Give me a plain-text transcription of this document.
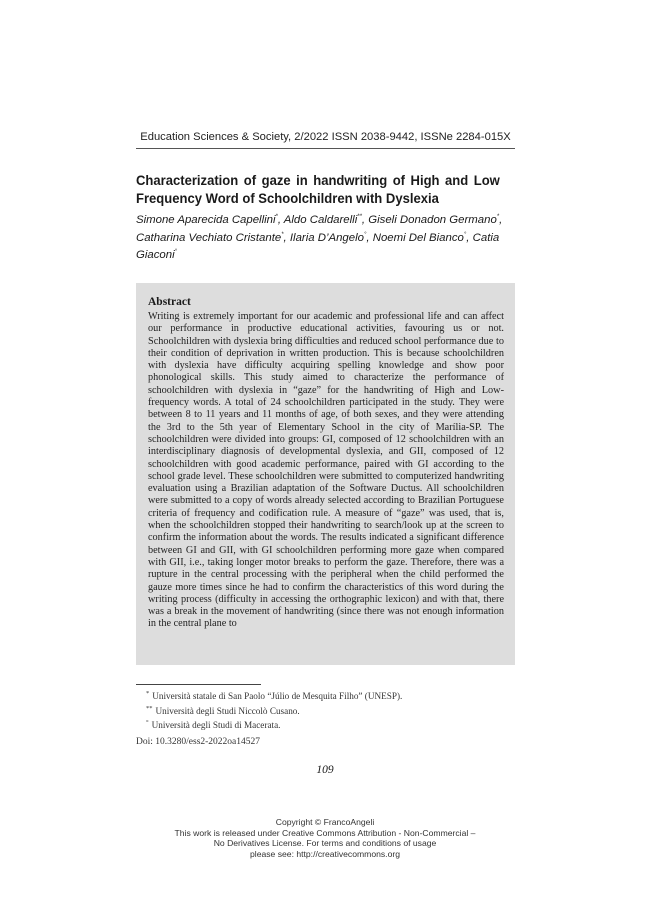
Education Sciences & Society, 2/2022 ISSN 2038-9442, ISSNe 2284-015X
Characterization of gaze in handwriting of High and Low Frequency Word of Schoolchildren with Dyslexia
Simone Aparecida Capellini*, Aldo Caldarelli**, Giseli Donadon Germano*, Catharina Vechiato Cristante*, Ilaria D’Angelo°, Noemi Del Bianco°, Catia Giaconi°
Abstract

Writing is extremely important for our academic and professional life and can affect our performance in productive educational activities, favouring us or not. Schoolchildren with dyslexia bring difficulties and reduced school performance due to their condition of deprivation in written production. This is because schoolchildren with dyslexia have difficulty acquiring spelling knowledge and show poor phonological skills. This study aimed to characterize the performance of schoolchildren with dyslexia in “gaze” for the handwriting of High and Low-frequency words. A total of 24 schoolchildren participated in the study. They were between 8 to 11 years and 11 months of age, of both sexes, and they were attending the 3rd to the 5th year of Elementary School in the city of Marília-SP. The schoolchildren were divided into groups: GI, composed of 12 schoolchildren with an interdisciplinary diagnosis of developmental dyslexia, and GII, composed of 12 schoolchildren with good academic performance, paired with GI according to the school grade level. These schoolchildren were submitted to computerized handwriting evaluation using a Brazilian adaptation of the Software Ductus. All schoolchildren were submitted to a copy of words already selected according to Brazilian Portuguese criteria of frequency and codification rule. A measure of “gaze” was used, that is, when the schoolchildren stopped their handwriting to search/look up at the screen to confirm the information about the words. The results indicated a significant difference between GI and GII, with GI schoolchildren performing more gaze when compared with GII, i.e., taking longer motor breaks to perform the gaze. Therefore, there was a rupture in the central processing with the peripheral when the child performed the gauze more times since he had to confirm the characteristics of this word during the writing process (difficulty in accessing the orthographic lexicon) and with that, there was a break in the movement of handwriting (since there was not enough information in the central plane to

* Università statale di San Paolo “Júlio de Mesquita Filho” (UNESP).
** Università degli Studi Niccolò Cusano.
° Università degli Studi di Macerata.
Doi: 10.3280/ess2-2022oa14527
109
Copyright © FrancoAngeli
This work is released under Creative Commons Attribution - Non-Commercial –
No Derivatives License. For terms and conditions of usage
please see: http://creativecommons.org
